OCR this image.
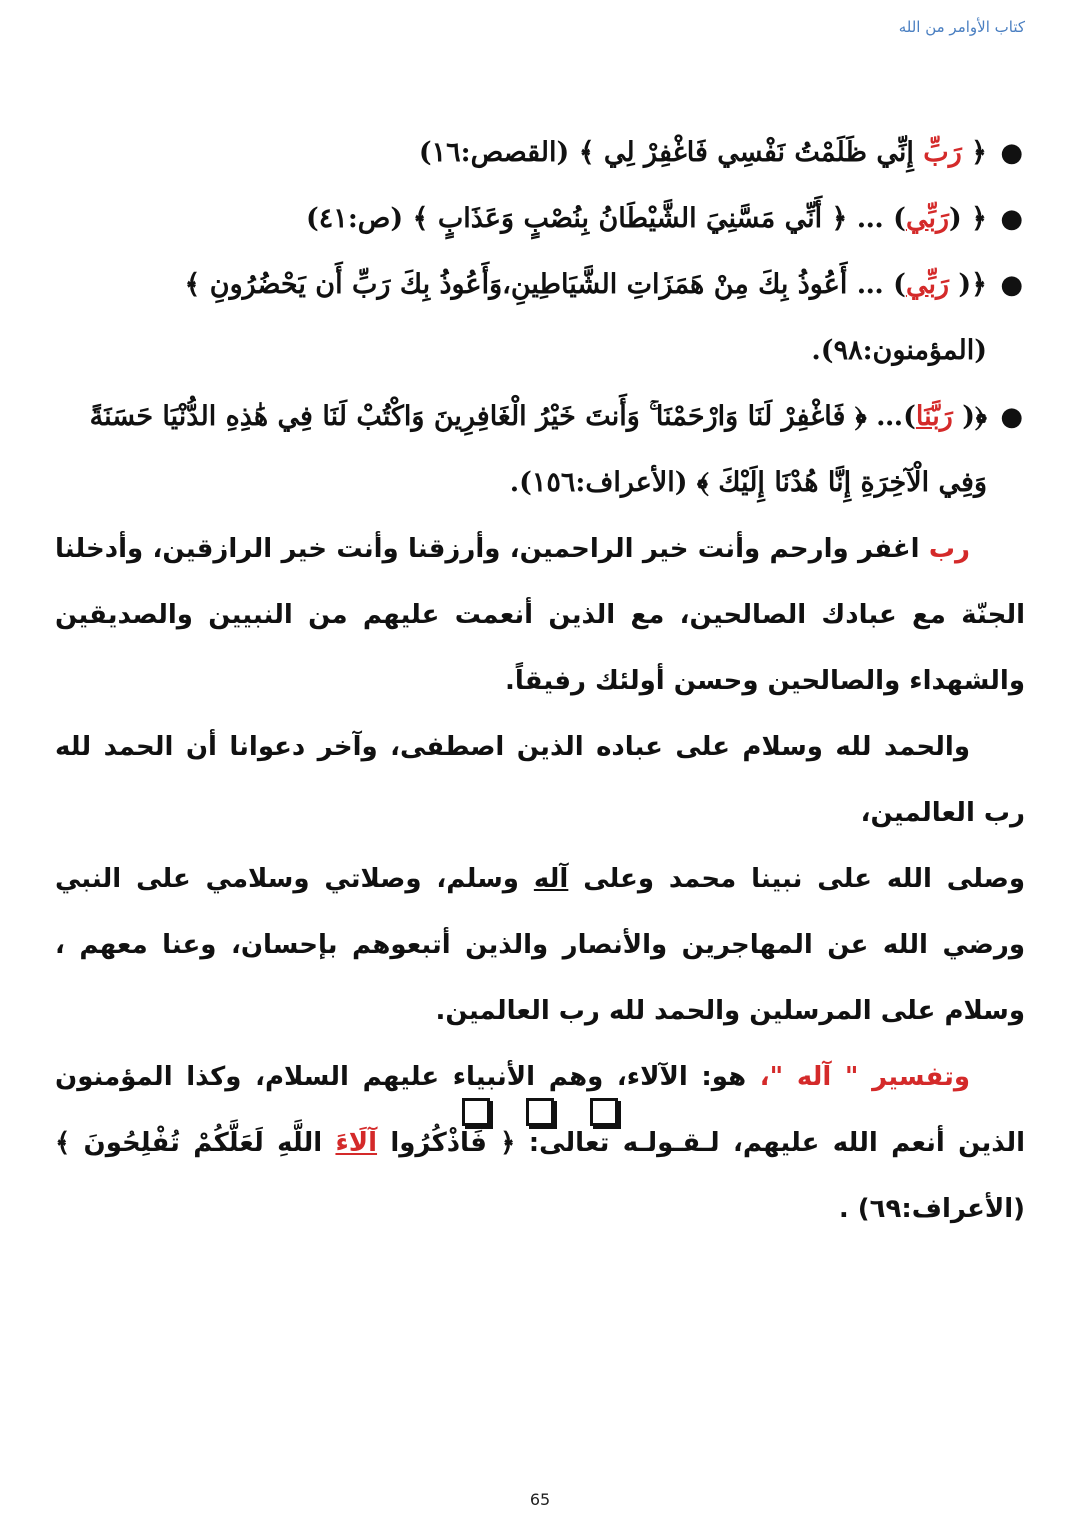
كتاب الأوامر من الله
●
﴿ رَبِّ إِنِّي ظَلَمْتُ نَفْسِي فَاغْفِرْ لِي ﴾ (القصص:١٦)
●
﴿ (رَبِّي) … ﴿ أَنِّي مَسَّنِيَ الشَّيْطَانُ بِنُصْبٍ وَعَذَابٍ ﴾ (ص:٤١)
●
﴿( رَبِّي) … أَعُوذُ بِكَ مِنْ هَمَزَاتِ الشَّيَاطِينِ،وَأَعُوذُ بِكَ رَبِّ أَن يَحْضُرُونِ ﴾ (المؤمنون:٩٨).
●
﴿( رَبَّنَا)… ﴿ فَاغْفِرْ لَنَا وَارْحَمْنَا ۚ وَأَنتَ خَيْرُ الْغَافِرِينَ وَاكْتُبْ لَنَا فِي هَٰذِهِ الدُّنْيَا حَسَنَةً وَفِي الْآخِرَةِ إِنَّا هُدْنَا إِلَيْكَ ﴾ (الأعراف:١٥٦).

رب اغفر وارحم وأنت خير الراحمين، وأرزقنا وأنت خير الرازقين، وأدخلنا الجنّة مع عبادك الصالحين، مع الذين أنعمت عليهم من النبيين والصديقين والشهداء والصالحين وحسن أولئك رفيقاً.

والحمد لله وسلام على عباده الذين اصطفى، وآخر دعوانا أن الحمد لله رب العالمين،

وصلى الله على نبينا محمد وعلى آله وسلم، وصلاتي وسلامي على النبي ورضي الله عن المهاجرين والأنصار والذين أتبعوهم بإحسان، وعنا معهم ، وسلام على المرسلين والحمد لله رب العالمين.

وتفسير " آله "، هو: الآلاء، وهم الأنبياء عليهم السلام، وكذا المؤمنون الذين أنعم الله عليهم، لـقـولـه تعالى: ﴿ فَاذْكُرُوا آلَاءَ اللَّهِ لَعَلَّكُمْ تُفْلِحُونَ ﴾ (الأعراف:٦٩) .

65
